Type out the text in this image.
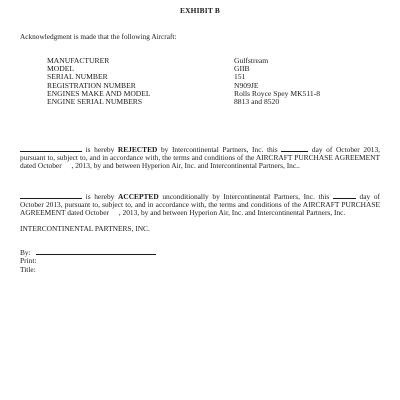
EXHIBIT B
Acknowledgment is made that the following Aircraft:
MANUFACTURER	Gulfstream
MODEL	GIIB
SERIAL NUMBER	151
REGISTRATION NUMBER	N909JE
ENGINES MAKE AND MODEL	Rolls Royce Spey MK511-8
ENGINE SERIAL NUMBERS	8813 and 8520
is hereby REJECTED by Intercontinental Partners, Inc. this	day of October 2013, pursuant to, subject to, and in accordance with, the terms and conditions of the AIRCRAFT PURCHASE AGREEMENT dated October , 2013, by and between Hyperion Air, Inc. and Intercontinental Partners, Inc..
is hereby ACCEPTED unconditionally by Intercontinental Partners, Inc. this	day of October 2013, pursuant to, subject to, and in accordance with, the terms and conditions of the AIRCRAFT PURCHASE AGREEMENT dated October , 2013, by and between Hyperion Air, Inc. and Intercontinental Partners, Inc.
INTERCONTINENTAL PARTNERS, INC.
By:
Print:
Title:
